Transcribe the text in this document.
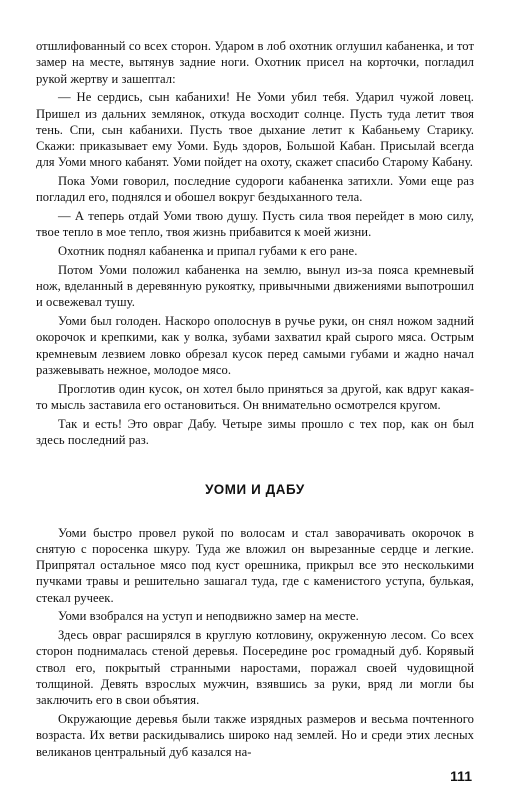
отшлифованный со всех сторон. Ударом в лоб охотник оглушил кабаненка, и тот замер на месте, вытянув задние ноги. Охотник присел на корточки, погладил рукой жертву и зашептал:

— Не сердись, сын кабанихи! Не Уоми убил тебя. Ударил чужой ловец. Пришел из дальних землянок, откуда восходит солнце. Пусть туда летит твоя тень. Спи, сын кабанихи. Пусть твое дыхание летит к Кабаньему Старику. Скажи: приказывает ему Уоми. Будь здоров, Большой Кабан. Присылай всегда для Уоми много кабанят. Уоми пойдет на охоту, скажет спасибо Старому Кабану.

Пока Уоми говорил, последние судороги кабаненка затихли. Уоми еще раз погладил его, поднялся и обошел вокруг бездыханного тела.

— А теперь отдай Уоми твою душу. Пусть сила твоя перейдет в мою силу, твое тепло в мое тепло, твоя жизнь прибавится к моей жизни.

Охотник поднял кабаненка и припал губами к его ране.

Потом Уоми положил кабаненка на землю, вынул из-за пояса кремневый нож, вделанный в деревянную рукоятку, привычными движениями выпотрошил и освежевал тушу.

Уоми был голоден. Наскоро ополоснув в ручье руки, он снял ножом задний окорочок и крепкими, как у волка, зубами захватил край сырого мяса. Острым кремневым лезвием ловко обрезал кусок перед самыми губами и жадно начал разжевывать нежное, молодое мясо.

Проглотив один кусок, он хотел было приняться за другой, как вдруг какая-то мысль заставила его остановиться. Он внимательно осмотрелся кругом.

Так и есть! Это овраг Дабу. Четыре зимы прошло с тех пор, как он был здесь последний раз.

УОМИ И ДАБУ

Уоми быстро провел рукой по волосам и стал заворачивать окорочок в снятую с поросенка шкуру. Туда же вложил он вырезанные сердце и легкие. Припрятал остальное мясо под куст орешника, прикрыл все это несколькими пучками травы и решительно зашагал туда, где с каменистого уступа, булькая, стекал ручеек.

Уоми взобрался на уступ и неподвижно замер на месте.

Здесь овраг расширялся в круглую котловину, окруженную лесом. Со всех сторон поднималась стеной деревья. Посередине рос громадный дуб. Корявый ствол его, покрытый странными наростами, поражал своей чудовищной толщиной. Девять взрослых мужчин, взявшись за руки, вряд ли могли бы заключить его в свои объятия.

Окружающие деревья были также изрядных размеров и весьма почтенного возраста. Их ветви раскидывались широко над землей. Но и среди этих лесных великанов центральный дуб казался на-

111
